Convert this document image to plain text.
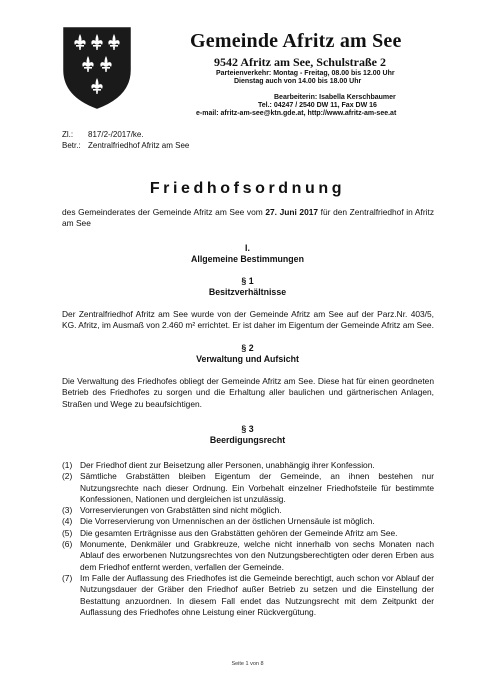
Gemeinde Afritz am See
9542 Afritz am See, Schulstraße 2
Parteienverkehr: Montag - Freitag, 08.00 bis 12.00 Uhr
Dienstag auch von 14.00 bis 18.00 Uhr
Bearbeiterin: Isabella Kerschbaumer
Tel.: 04247 / 2540 DW 11, Fax DW 16
e-mail: afritz-am-see@ktn.gde.at, http://www.afritz-am-see.at
Zl.: 817/2-/2017/ke.
Betr.: Zentralfriedhof Afritz am See
Friedhofsordnung
des Gemeinderates der Gemeinde Afritz am See vom 27. Juni 2017 für den Zentralfriedhof in Afritz am See
I.
Allgemeine Bestimmungen
§ 1
Besitzverhältnisse
Der Zentralfriedhof Afritz am See wurde von der Gemeinde Afritz am See auf der Parz.Nr. 403/5, KG. Afritz, im Ausmaß von 2.460 m² errichtet. Er ist daher im Eigentum der Gemeinde Afritz am See.
§ 2
Verwaltung und Aufsicht
Die Verwaltung des Friedhofes obliegt der Gemeinde Afritz am See. Diese hat für einen geordneten Betrieb des Friedhofes zu sorgen und die Erhaltung aller baulichen und gärtnerischen Anlagen, Straßen und Wege zu beaufsichtigen.
§ 3
Beerdigungsrecht
(1) Der Friedhof dient zur Beisetzung aller Personen, unabhängig ihrer Konfession.
(2) Sämtliche Grabstätten bleiben Eigentum der Gemeinde, an ihnen bestehen nur Nutzungsrechte nach dieser Ordnung. Ein Vorbehalt einzelner Friedhofsteile für bestimmte Konfessionen, Nationen und dergleichen ist unzulässig.
(3) Vorreservierungen von Grabstätten sind nicht möglich.
(4) Die Vorreservierung von Urnennischen an der östlichen Urnensäule ist möglich.
(5) Die gesamten Erträgnisse aus den Grabstätten gehören der Gemeinde Afritz am See.
(6) Monumente, Denkmäler und Grabkreuze, welche nicht innerhalb von sechs Monaten nach Ablauf des erworbenen Nutzungsrechtes von den Nutzungsberechtigten oder deren Erben aus dem Friedhof entfernt werden, verfallen der Gemeinde.
(7) Im Falle der Auflassung des Friedhofes ist die Gemeinde berechtigt, auch schon vor Ablauf der Nutzungsdauer der Gräber den Friedhof außer Betrieb zu setzen und die Einstellung der Bestattung anzuordnen. In diesem Fall endet das Nutzungsrecht mit dem Zeitpunkt der Auflassung des Friedhofes ohne Leistung einer Rückvergütung.
Seite 1 von 8
